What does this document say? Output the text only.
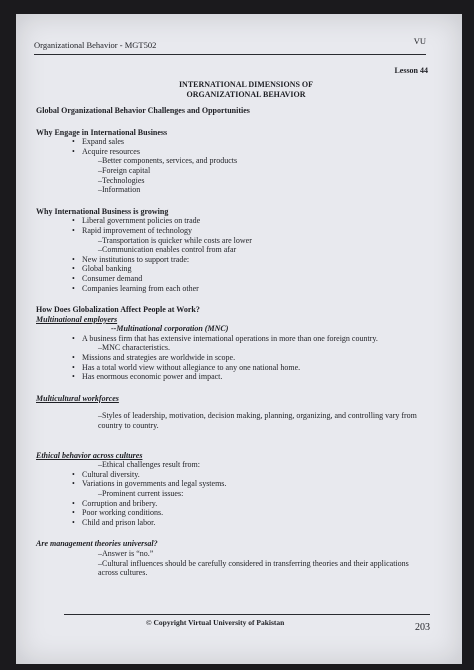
Organizational Behavior - MGT502	VU
Lesson 44
INTERNATIONAL DIMENSIONS OF
ORGANIZATIONAL BEHAVIOR

Global Organizational Behavior Challenges and Opportunities

Why Engage in International Business

• Expand sales
• Acquire resources
–Better components, services, and products
–Foreign capital
–Technologies
–Information

Why International Business is growing

• Liberal government policies on trade
• Rapid improvement of technology
–Transportation is quicker while costs are lower
–Communication enables control from afar
• New institutions to support trade:
• Global banking
• Consumer demand
• Companies learning from each other

How Does Globalization Affect People at Work?

Multinational employers

--Multinational corporation (MNC)

• A business firm that has extensive international operations in more than one foreign country.
–MNC characteristics.
• Missions and strategies are worldwide in scope.
• Has a total world view without allegiance to any one national home.
• Has enormous economic power and impact.

Multicultural workforces

–Styles of leadership, motivation, decision making, planning, organizing, and controlling vary from country to country.

Ethical behavior across cultures

–Ethical challenges result from:
• Cultural diversity.
• Variations in governments and legal systems.
–Prominent current issues:
• Corruption and bribery.
• Poor working conditions.
• Child and prison labor.

Are management theories universal?

–Answer is “no.”

–Cultural influences should be carefully considered in transferring theories and their applications across cultures.

© Copyright Virtual University of Pakistan	203
